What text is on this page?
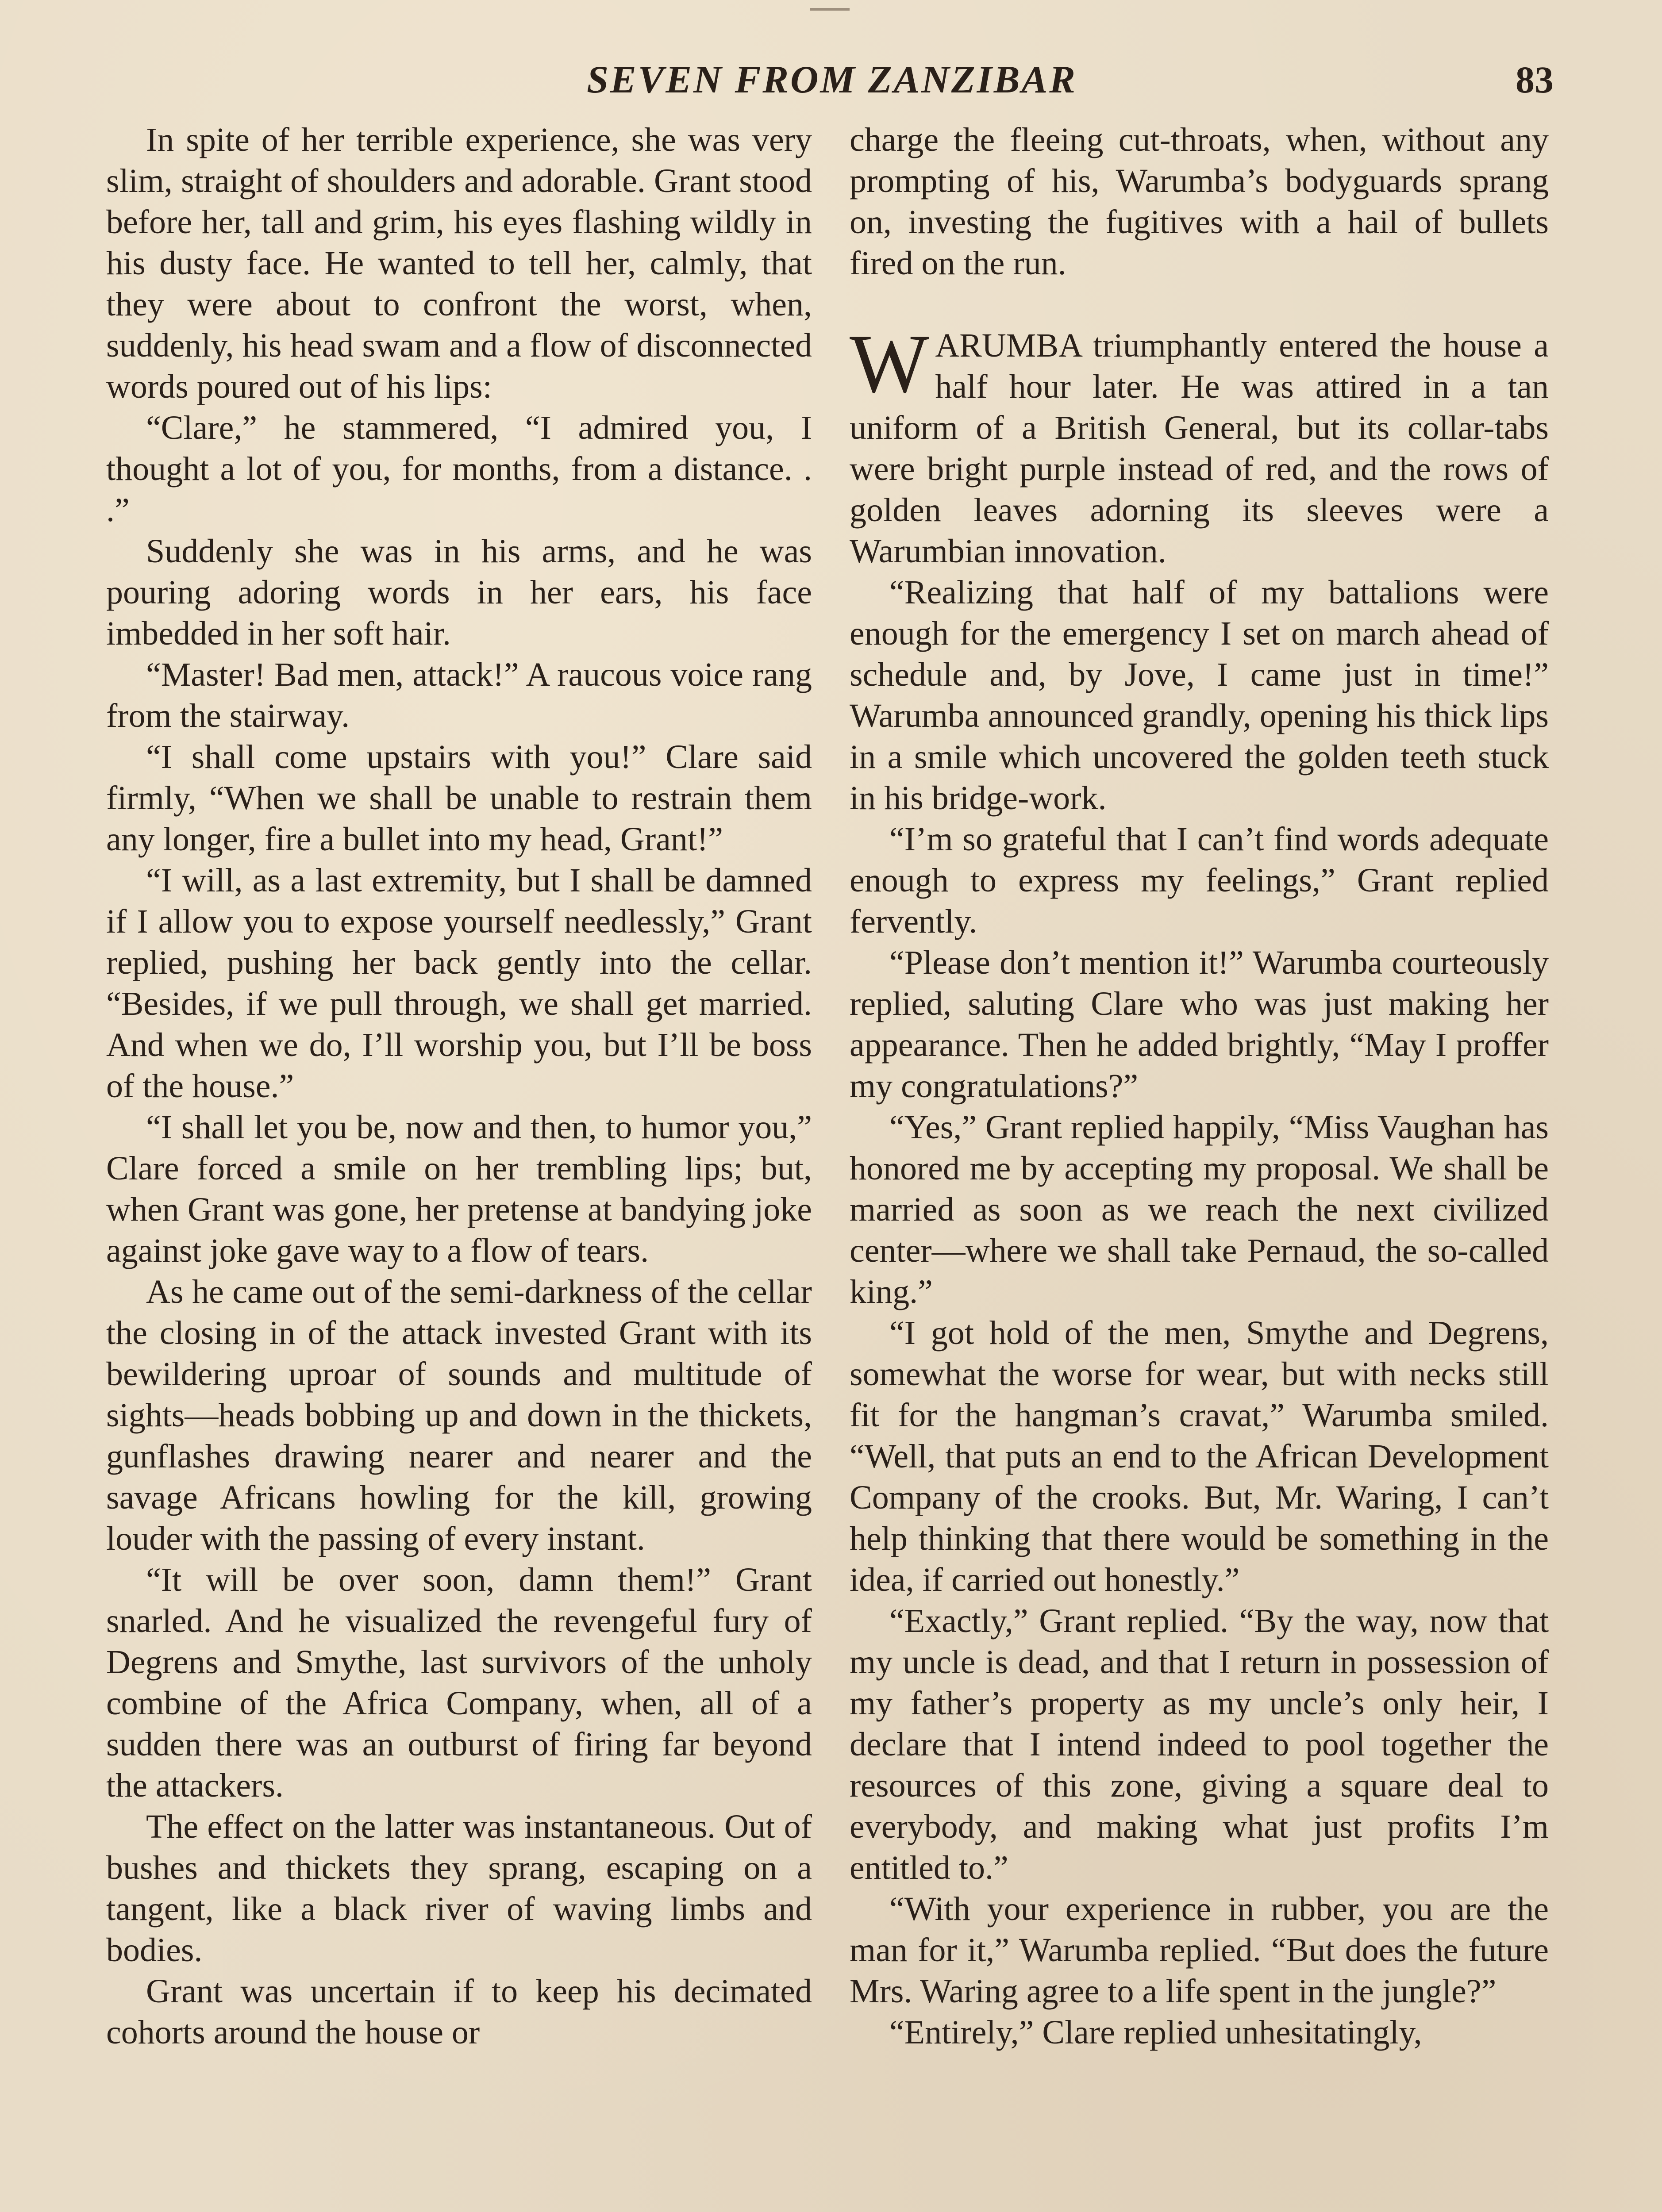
SEVEN FROM ZANZIBAR	83

In spite of her terrible experience, she was very slim, straight of shoulders and adorable. Grant stood before her, tall and grim, his eyes flashing wildly in his dusty face. He wanted to tell her, calmly, that they were about to confront the worst, when, suddenly, his head swam and a flow of disconnected words poured out of his lips:

“Clare,” he stammered, “I admired you, I thought a lot of you, for months, from a distance. . .”

Suddenly she was in his arms, and he was pouring adoring words in her ears, his face imbedded in her soft hair.

“Master! Bad men, attack!” A raucous voice rang from the stairway.

“I shall come upstairs with you!” Clare said firmly, “When we shall be unable to restrain them any longer, fire a bullet into my head, Grant!”

“I will, as a last extremity, but I shall be damned if I allow you to expose yourself needlessly,” Grant replied, pushing her back gently into the cellar. “Besides, if we pull through, we shall get married. And when we do, I’ll worship you, but I’ll be boss of the house.”

“I shall let you be, now and then, to humor you,” Clare forced a smile on her trembling lips; but, when Grant was gone, her pretense at bandying joke against joke gave way to a flow of tears.

As he came out of the semi-darkness of the cellar the closing in of the attack invested Grant with its bewildering uproar of sounds and multitude of sights—heads bobbing up and down in the thickets, gunflashes drawing nearer and nearer and the savage Africans howling for the kill, growing louder with the passing of every instant.

“It will be over soon, damn them!” Grant snarled. And he visualized the revengeful fury of Degrens and Smythe, last survivors of the unholy combine of the Africa Company, when, all of a sudden there was an outburst of firing far beyond the attackers.

The effect on the latter was instantaneous. Out of bushes and thickets they sprang, escaping on a tangent, like a black river of waving limbs and bodies.

Grant was uncertain if to keep his decimated cohorts around the house or

charge the fleeing cut-throats, when, without any prompting of his, Warumba’s bodyguards sprang on, investing the fugitives with a hail of bullets fired on the run.

WARUMBA triumphantly entered the house a half hour later. He was attired in a tan uniform of a British General, but its collar-tabs were bright purple instead of red, and the rows of golden leaves adorning its sleeves were a Warumbian innovation.

“Realizing that half of my battalions were enough for the emergency I set on march ahead of schedule and, by Jove, I came just in time!” Warumba announced grandly, opening his thick lips in a smile which uncovered the golden teeth stuck in his bridge-work.

“I’m so grateful that I can’t find words adequate enough to express my feelings,” Grant replied fervently.

“Please don’t mention it!” Warumba courteously replied, saluting Clare who was just making her appearance. Then he added brightly, “May I proffer my congratulations?”

“Yes,” Grant replied happily, “Miss Vaughan has honored me by accepting my proposal. We shall be married as soon as we reach the next civilized center—where we shall take Pernaud, the so-called king.”

“I got hold of the men, Smythe and Degrens, somewhat the worse for wear, but with necks still fit for the hangman’s cravat,” Warumba smiled. “Well, that puts an end to the African Development Company of the crooks. But, Mr. Waring, I can’t help thinking that there would be something in the idea, if carried out honestly.”

“Exactly,” Grant replied. “By the way, now that my uncle is dead, and that I return in possession of my father’s property as my uncle’s only heir, I declare that I intend indeed to pool together the resources of this zone, giving a square deal to everybody, and making what just profits I’m entitled to.”

“With your experience in rubber, you are the man for it,” Warumba replied. “But does the future Mrs. Waring agree to a life spent in the jungle?”

“Entirely,” Clare replied unhesitatingly,
